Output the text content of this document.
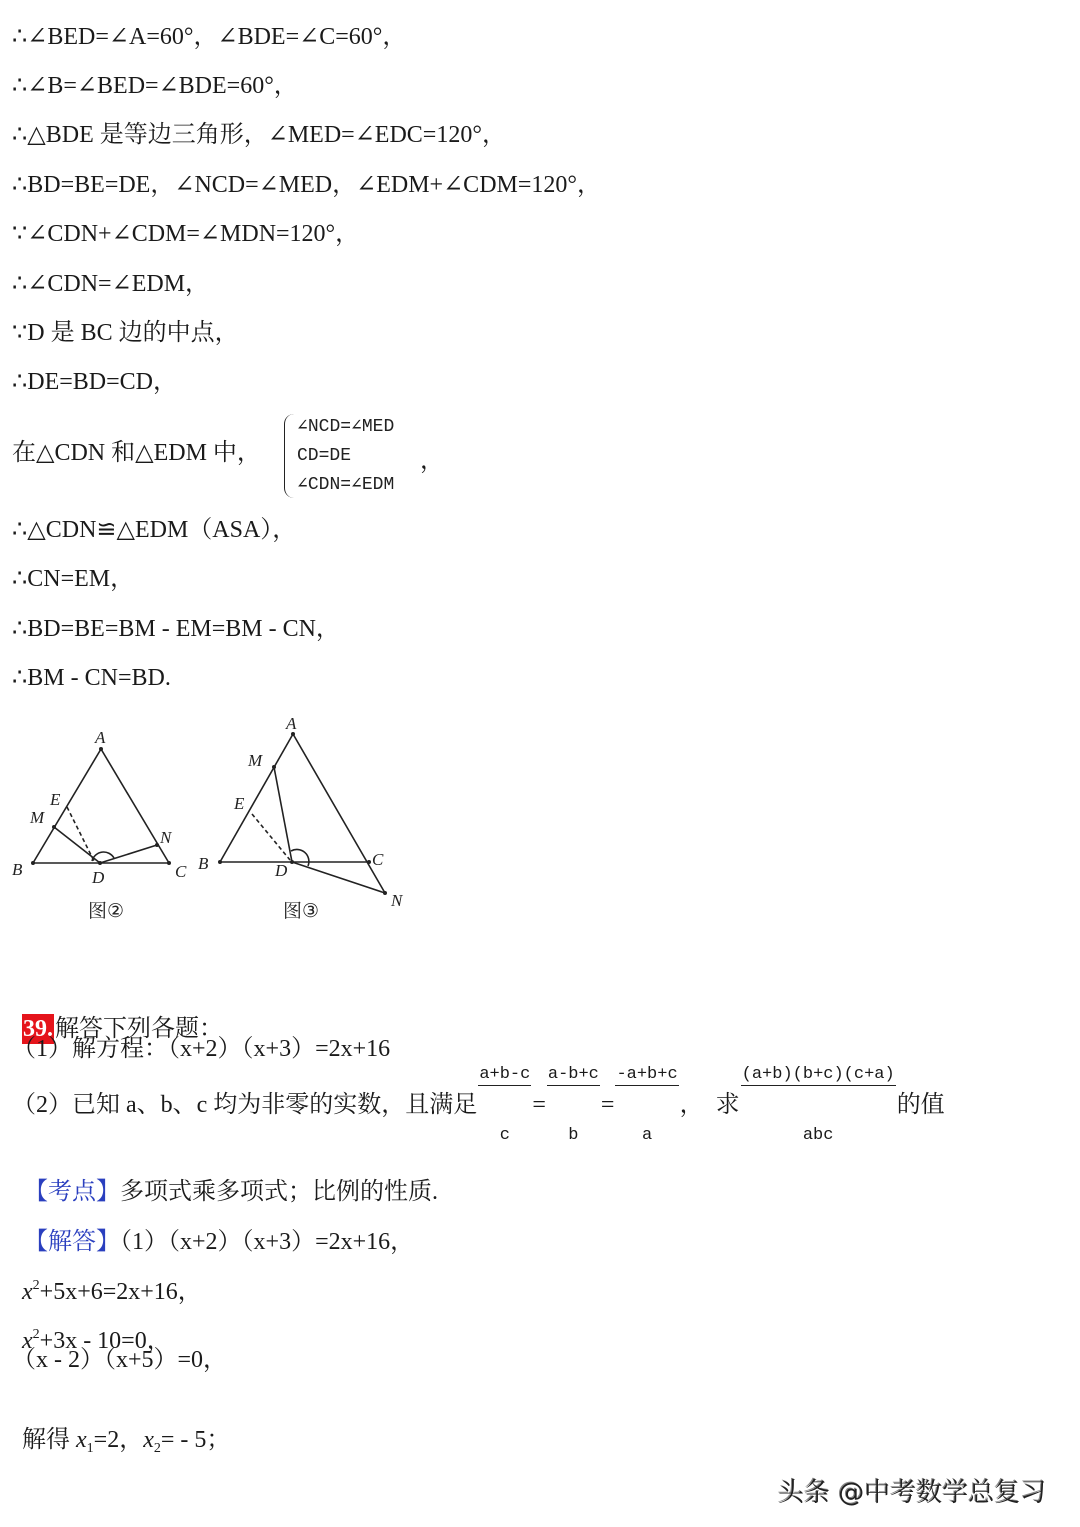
∴∠BED=∠A=60°，∠BDE=∠C=60°，
∴∠B=∠BED=∠BDE=60°，
∴△BDE 是等边三角形，∠MED=∠EDC=120°，
∴BD=BE=DE，∠NCD=∠MED，∠EDM+∠CDM=120°，
∵∠CDN+∠CDM=∠MDN=120°，
∴∠CDN=∠EDM，
∵D 是 BC 边的中点，
∴DE=BD=CD，
在△CDN 和△EDM 中，
∠NCD=∠MED
CD=DE
∠CDN=∠EDM
，
∴△CDN≌△EDM（ASA），
∴CN=EM，
∴BD=BE=BM - EM=BM - CN，
∴BM - CN=BD.
A
B	C
D
E
M
N
图②
A
B	C
D
E
M
N
图③

39.解答下列各题：

（1）解方程：（x+2）（x+3）=2x+16
（2）已知 a、b、c 均为非零的实数，且满足

$\frac{a+b-c}{c}$

=

$\frac{a-b+c}{b}$

=

$\frac{-a+b+c}{a}$

，  求

$\frac{(a+b)(b+c)(c+a)}{\text{abc}}$

的值

【考点】多项式乘多项式；比例的性质.

【解答】（1）（x+2）（x+3）=2x+16，

$x^2+5x+6=2x+16$，

$x^2+3x - 10=0$，

（x - 2）（x+5）=0，

解得 $x_1=2$，$x_2= - 5$；

头条 @中考数学总复习
